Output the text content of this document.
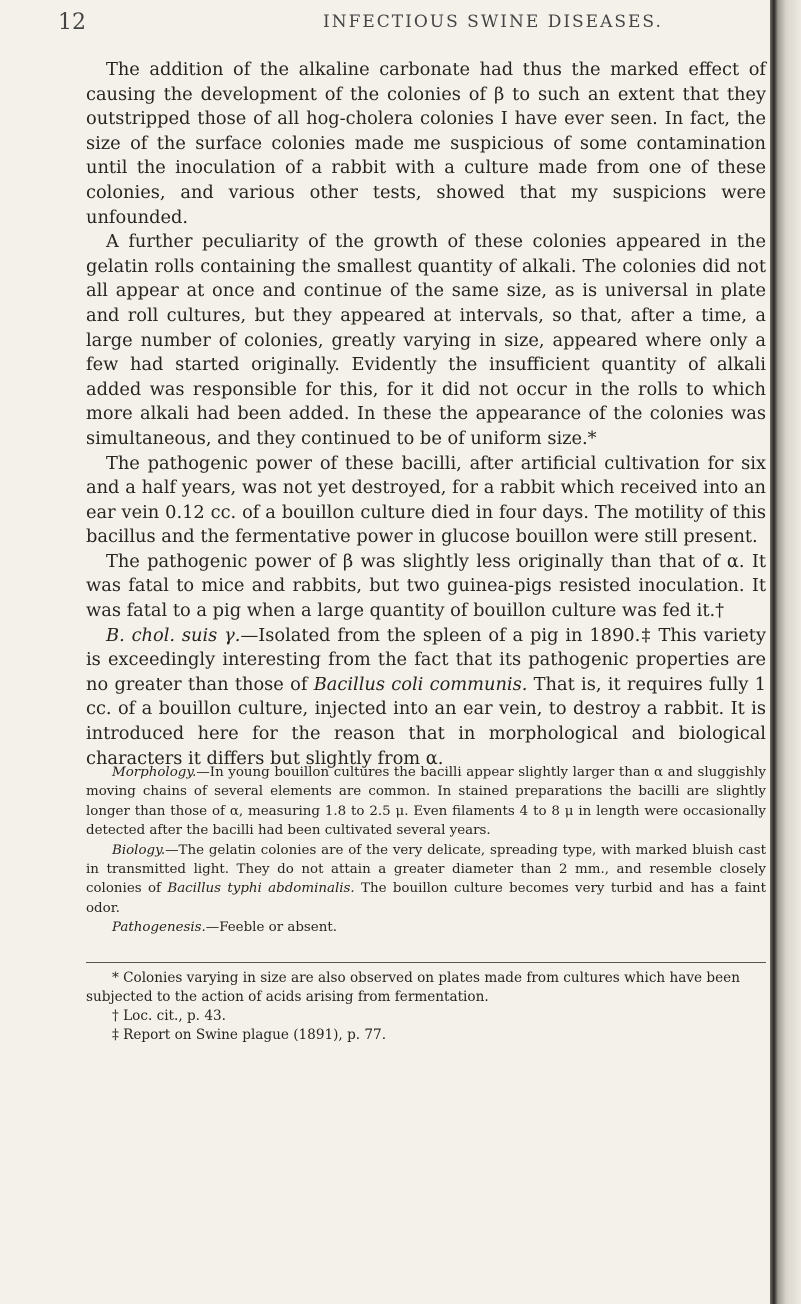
12	INFECTIOUS SWINE DISEASES.

The addition of the alkaline carbonate had thus the marked effect of causing the development of the colonies of β to such an extent that they outstripped those of all hog-cholera colonies I have ever seen. In fact, the size of the surface colonies made me suspicious of some contamination until the inoculation of a rabbit with a culture made from one of these colonies, and various other tests, showed that my suspicions were unfounded.

A further peculiarity of the growth of these colonies appeared in the gelatin rolls containing the smallest quantity of alkali. The colonies did not all appear at once and continue of the same size, as is universal in plate and roll cultures, but they appeared at intervals, so that, after a time, a large number of colonies, greatly varying in size, appeared where only a few had started originally. Evidently the insufficient quantity of alkali added was responsible for this, for it did not occur in the rolls to which more alkali had been added. In these the appearance of the colonies was simultaneous, and they continued to be of uniform size.*

The pathogenic power of these bacilli, after artificial cultivation for six and a half years, was not yet destroyed, for a rabbit which received into an ear vein 0.12 cc. of a bouillon culture died in four days. The motility of this bacillus and the fermentative power in glucose bouillon were still present.

The pathogenic power of β was slightly less originally than that of α. It was fatal to mice and rabbits, but two guinea-pigs resisted inoculation. It was fatal to a pig when a large quantity of bouillon culture was fed it.†

B. chol. suis γ.—Isolated from the spleen of a pig in 1890.‡ This variety is exceedingly interesting from the fact that its pathogenic properties are no greater than those of Bacillus coli communis. That is, it requires fully 1 cc. of a bouillon culture, injected into an ear vein, to destroy a rabbit. It is introduced here for the reason that in morphological and biological characters it differs but slightly from α.

Morphology.—In young bouillon cultures the bacilli appear slightly larger than α and sluggishly moving chains of several elements are common. In stained preparations the bacilli are slightly longer than those of α, measuring 1.8 to 2.5 μ. Even filaments 4 to 8 μ in length were occasionally detected after the bacilli had been cultivated several years.

Biology.—The gelatin colonies are of the very delicate, spreading type, with marked bluish cast in transmitted light. They do not attain a greater diameter than 2 mm., and resemble closely colonies of Bacillus typhi abdominalis. The bouillon culture becomes very turbid and has a faint odor.

Pathogenesis.—Feeble or absent.

* Colonies varying in size are also observed on plates made from cultures which have been subjected to the action of acids arising from fermentation.

† Loc. cit., p. 43.

‡ Report on Swine plague (1891), p. 77.
